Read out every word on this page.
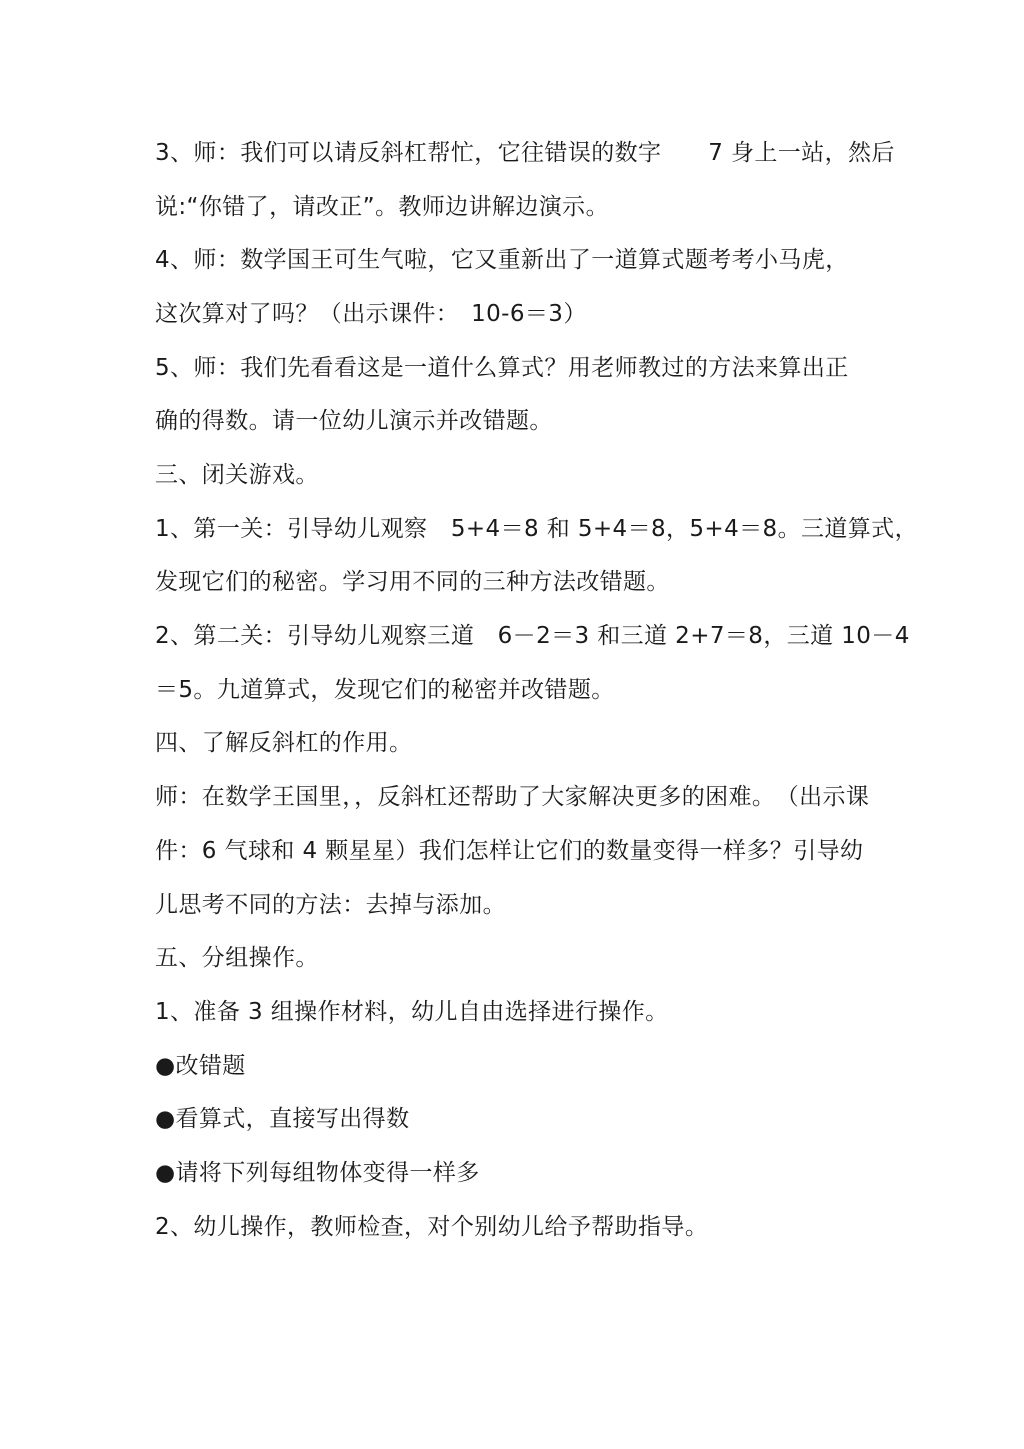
3、师：我们可以请反斜杠帮忙，它往错误的数字　　7 身上一站，然后
说:“你错了，请改正”。教师边讲解边演示。
4、师：数学国王可生气啦，它又重新出了一道算式题考考小马虎，
这次算对了吗？（出示课件：　10-6＝3）
5、师：我们先看看这是一道什么算式？用老师教过的方法来算出正
确的得数。请一位幼儿演示并改错题。
三、闭关游戏。
1、第一关：引导幼儿观察　5+4＝8 和 5+4＝8，5+4＝8。三道算式，
发现它们的秘密。学习用不同的三种方法改错题。
2、第二关：引导幼儿观察三道　6－2＝3 和三道 2+7＝8，三道 10－4
＝5。九道算式，发现它们的秘密并改错题。
四、了解反斜杠的作用。
师：在数学王国里，，反斜杠还帮助了大家解决更多的困难。　（出示课
件：6 气球和 4 颗星星）我们怎样让它们的数量变得一样多？引导幼
儿思考不同的方法：去掉与添加。
五、分组操作。
1、准备 3 组操作材料，幼儿自由选择进行操作。
●改错题
●看算式，直接写出得数
●请将下列每组物体变得一样多
2、幼儿操作，教师检查，对个别幼儿给予帮助指导。
